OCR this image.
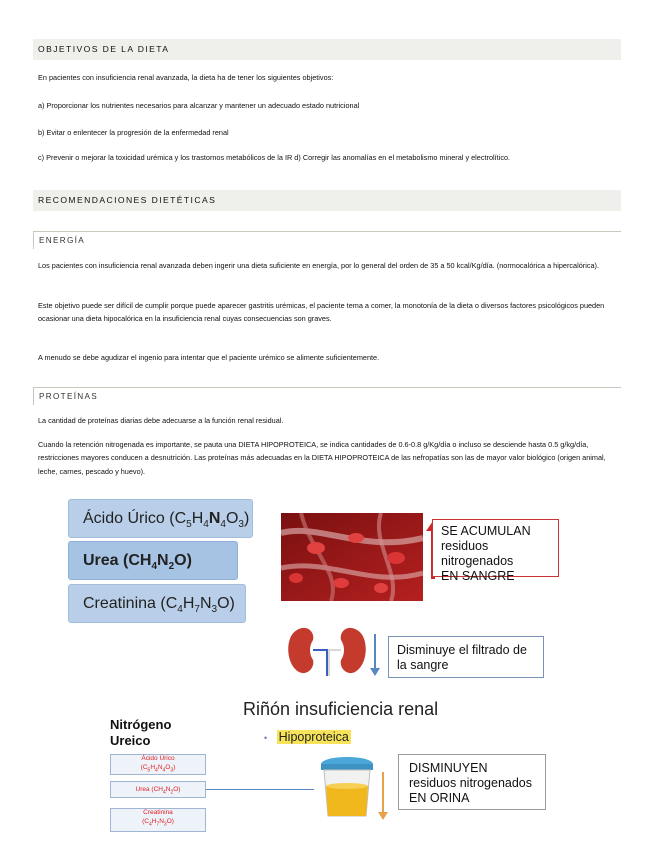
OBJETIVOS DE LA DIETA

En pacientes con insuficiencia renal avanzada, la dieta ha de tener los siguientes objetivos:

a) Proporcionar los nutrientes necesarios para alcanzar y mantener un adecuado estado nutricional

b) Evitar o enlentecer la progresión de la enfermedad renal

c) Prevenir o mejorar la toxicidad urémica y los trastornos metabólicos de la IR d) Corregir las anomalías en el metabolismo mineral y electrolítico.

RECOMENDACIONES DIETÉTICAS
ENERGÍA

Los pacientes con insuficiencia renal avanzada deben ingerir una dieta suficiente en energía, por lo general del orden de 35 a 50 kcal/Kg/día. (normocalórica a hipercalórica).

Este objetivo puede ser difícil de cumplir porque puede aparecer gastritis urémicas, el paciente tema a comer, la monotonía de la dieta o diversos factores psicológicos pueden ocasionar una dieta hipocalórica en la insuficiencia renal cuyas consecuencias son graves.

A menudo se debe agudizar el ingenio para intentar que el paciente urémico se alimente suficientemente.

PROTEÍNAS

La cantidad de proteínas diarias debe adecuarse a la función renal residual.

Cuando la retención nitrogenada es importante, se pauta una DIETA HIPOPROTEICA, se indica cantidades de 0.6-0.8 g/Kg/día o incluso se desciende hasta 0.5 g/kg/día, restricciones mayores conducen a desnutrición. Las proteínas más adecuadas en la DIETA HIPOPROTEICA de las nefropatías son las de mayor valor biológico (origen animal, leche, carnes, pescado y huevo).

Ácido Úrico $(C_5H_4N_4O_3)$
Urea $(CH_4N_2O)$
Creatinina $(C_4H_7N_3O)$
SE ACUMULAN
residuos nitrogenados
EN SANGRE
Disminuye el filtrado de
la sangre
Riñón insuficiencia renal
• Hipoproteica
Nitrógeno
Ureico
Ácido Úrico
$(C_5H_4N_4O_3)$
Urea $(CH_4N_2O)$
Creatinina
$(C_4H_7N_3O)$
DISMINUYEN
residuos nitrogenados
EN ORINA
